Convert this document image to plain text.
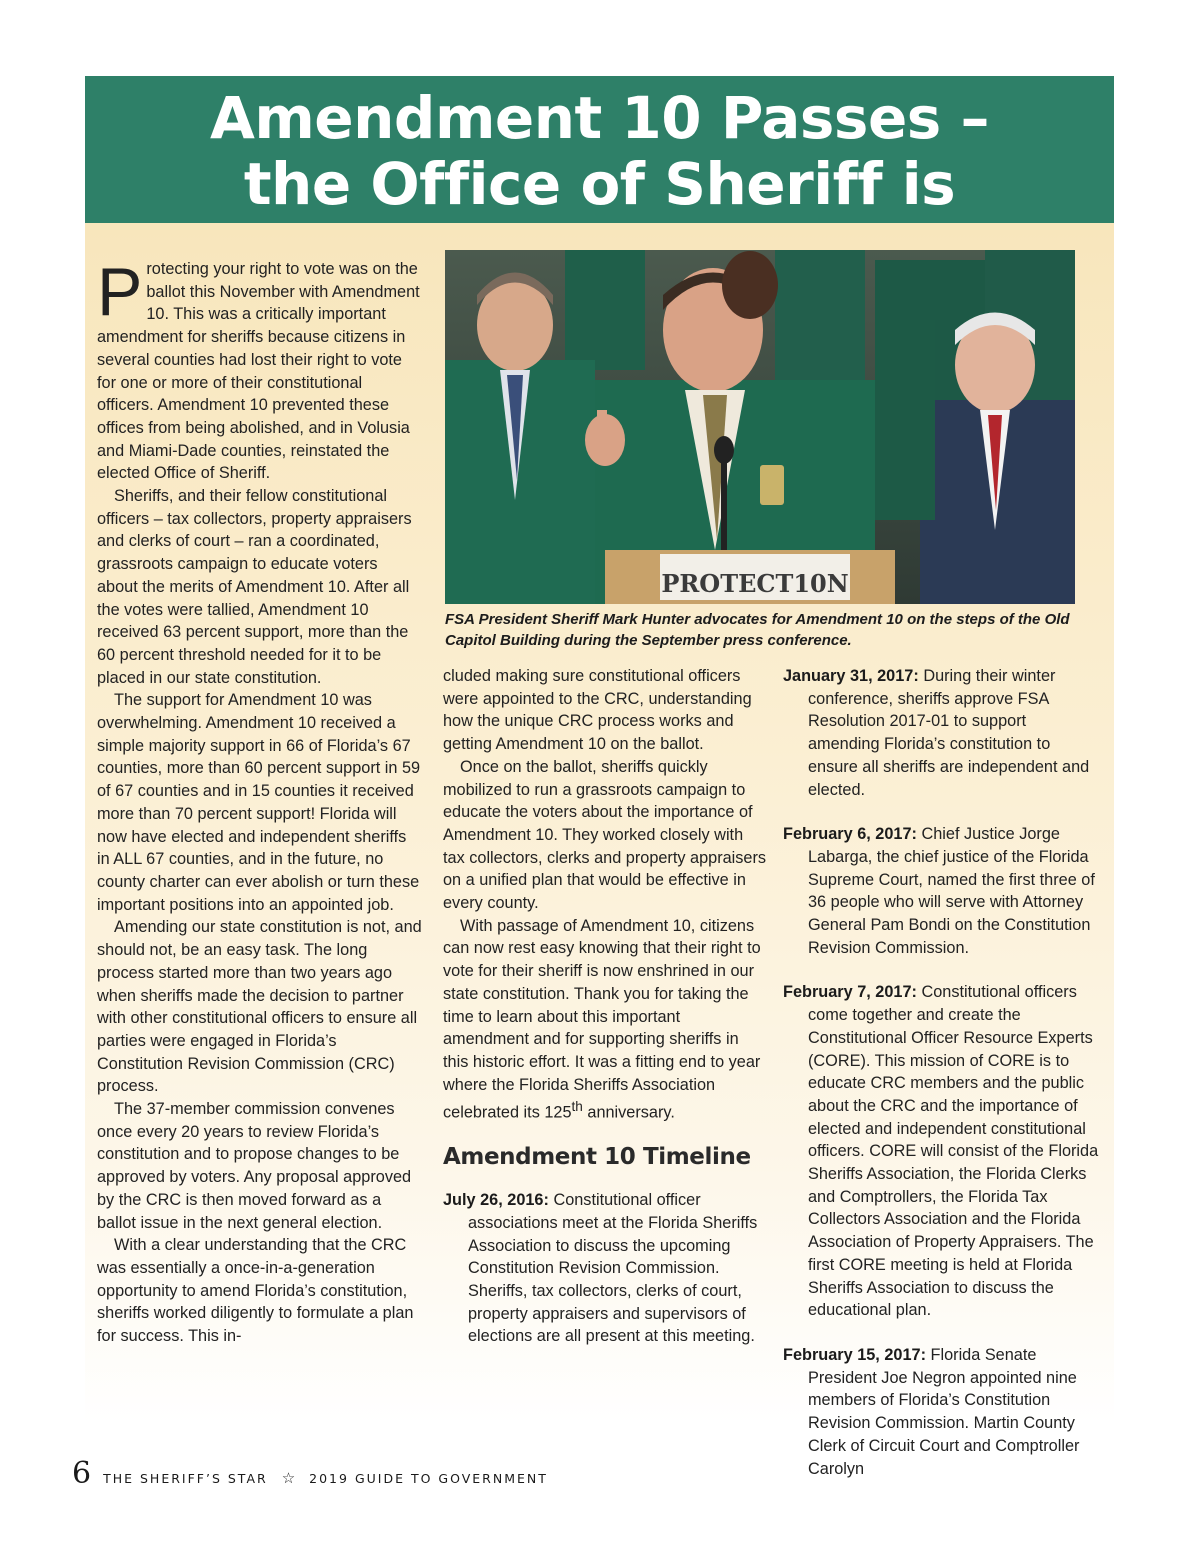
Amendment 10 Passes –
the Office of Sheriff is

Protecting your right to vote was on the ballot this November with Amendment 10. This was a critically important amendment for sheriffs because citizens in several counties had lost their right to vote for one or more of their constitutional officers. Amendment 10 prevented these offices from being abolished, and in Volusia and Miami-Dade counties, reinstated the elected Office of Sheriff.

Sheriffs, and their fellow constitutional officers – tax collectors, property appraisers and clerks of court – ran a coordinated, grassroots campaign to educate voters about the merits of Amendment 10. After all the votes were tallied, Amendment 10 received 63 percent support, more than the 60 percent threshold needed for it to be placed in our state constitution.

The support for Amendment 10 was overwhelming. Amendment 10 received a simple majority support in 66 of Florida’s 67 counties, more than 60 percent support in 59 of 67 counties and in 15 counties it received more than 70 percent support! Florida will now have elected and independent sheriffs in ALL 67 counties, and in the future, no county charter can ever abolish or turn these important positions into an appointed job.

Amending our state constitution is not, and should not, be an easy task. The long process started more than two years ago when sheriffs made the decision to partner with other constitutional officers to ensure all parties were engaged in Florida’s Constitution Revision Commission (CRC) process.

The 37-member commission convenes once every 20 years to review Florida’s constitution and to propose changes to be approved by voters. Any proposal approved by the CRC is then moved forward as a ballot issue in the next general election.

With a clear understanding that the CRC was essentially a once-in-a-generation opportunity to amend Florida’s constitution, sheriffs worked diligently to formulate a plan for success. This in-

PROTECT10N
FSA President Sheriff Mark Hunter advocates for Amendment 10 on the steps of the Old Capitol Building during the September press conference.

cluded making sure constitutional officers were appointed to the CRC, understanding how the unique CRC process works and getting Amendment 10 on the ballot.

Once on the ballot, sheriffs quickly mobilized to run a grassroots campaign to educate the voters about the importance of Amendment 10. They worked closely with tax collectors, clerks and property appraisers on a unified plan that would be effective in every county.

With passage of Amendment 10, citizens can now rest easy knowing that their right to vote for their sheriff is now enshrined in our state constitution. Thank you for taking the time to learn about this important amendment and for supporting sheriffs in this historic effort. It was a fitting end to year where the Florida Sheriffs Association celebrated its 125th anniversary.

Amendment 10 Timeline

July 26, 2016: Constitutional officer associations meet at the Florida Sheriffs Association to discuss the upcoming Constitution Revision Commission. Sheriffs, tax collectors, clerks of court, property appraisers and supervisors of elections are all present at this meeting.

January 31, 2017: During their winter conference, sheriffs approve FSA Resolution 2017-01 to support amending Florida’s constitution to ensure all sheriffs are independent and elected.

February 6, 2017: Chief Justice Jorge Labarga, the chief justice of the Florida Supreme Court, named the first three of 36 people who will serve with Attorney General Pam Bondi on the Constitution Revision Commission.

February 7, 2017: Constitutional officers come together and create the Constitutional Officer Resource Experts (CORE). This mission of CORE is to educate CRC members and the public about the CRC and the importance of elected and independent constitutional officers. CORE will consist of the Florida Sheriffs Association, the Florida Clerks and Comptrollers, the Florida Tax Collectors Association and the Florida Association of Property Appraisers. The first CORE meeting is held at Florida Sheriffs Association to discuss the educational plan.

February 15, 2017: Florida Senate President Joe Negron appointed nine members of Florida’s Constitution Revision Commission. Martin County Clerk of Circuit Court and Comptroller Carolyn

6 THE SHERIFF’S STAR ☆ 2019 GUIDE TO GOVERNMENT
